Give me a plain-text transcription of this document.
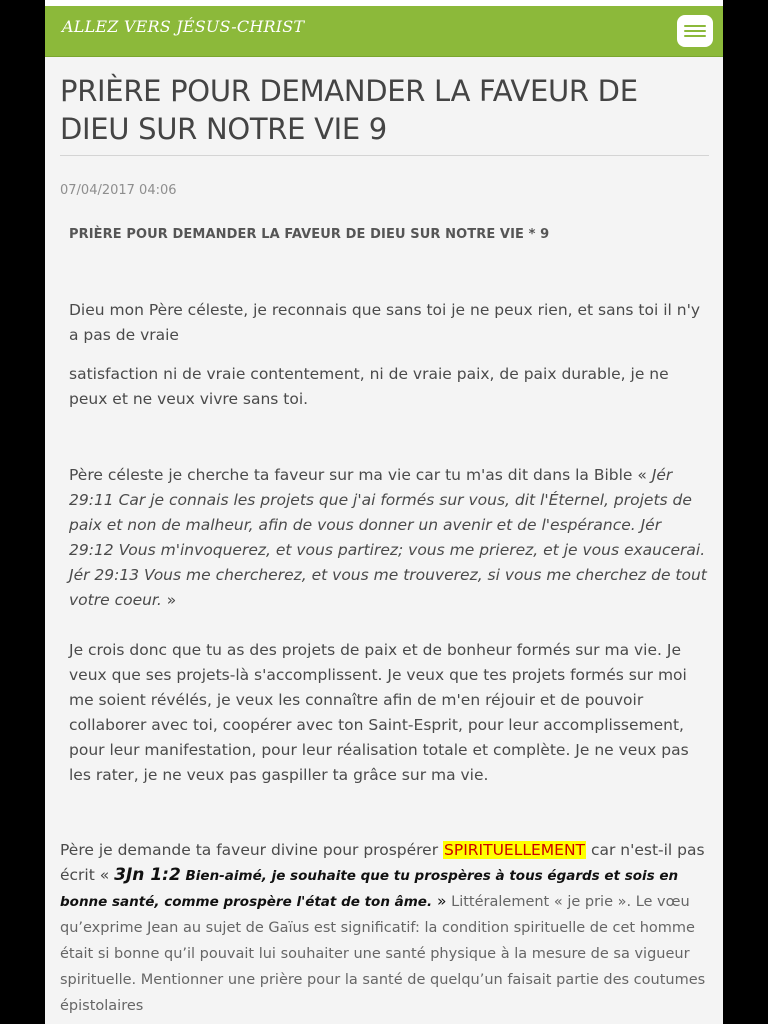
ALLEZ VERS JÉSUS-CHRIST
PRIÈRE POUR DEMANDER LA FAVEUR DE DIEU SUR NOTRE VIE 9
07/04/2017 04:06
PRIÈRE POUR DEMANDER LA FAVEUR DE DIEU SUR NOTRE VIE * 9

Dieu mon Père céleste, je reconnais que sans toi je ne peux rien, et sans toi il n'y a pas de vraie

satisfaction ni de vraie contentement, ni de vraie paix, de paix durable, je ne peux et ne veux vivre sans toi.

Père céleste je cherche ta faveur sur ma vie car tu m'as dit dans la Bible « Jér 29:11 Car je connais les projets que j'ai formés sur vous, dit l'Éternel, projets de paix et non de malheur, afin de vous donner un avenir et de l'espérance. Jér 29:12 Vous m'invoquerez, et vous partirez; vous me prierez, et je vous exaucerai. Jér 29:13 Vous me chercherez, et vous me trouverez, si vous me cherchez de tout votre coeur. »

Je crois donc que tu as des projets de paix et de bonheur formés sur ma vie. Je veux que ses projets-là s'accomplissent. Je veux que tes projets formés sur moi me soient révélés, je veux les connaître afin de m'en réjouir et de pouvoir collaborer avec toi, coopérer avec ton Saint-Esprit, pour leur accomplissement, pour leur manifestation, pour leur réalisation totale et complète. Je ne veux pas les rater, je ne veux pas gaspiller ta grâce sur ma vie.

Père je demande ta faveur divine pour prospérer SPIRITUELLEMENT car n'est-il pas écrit « 3Jn 1:2 Bien-aimé, je souhaite que tu prospères à tous égards et sois en bonne santé, comme prospère l'état de ton âme. » Littéralement « je prie ». Le vœu qu’exprime Jean au sujet de Gaïus est significatif: la condition spirituelle de cet homme était si bonne qu’il pouvait lui souhaiter une santé physique à la mesure de sa vigueur spirituelle. Mentionner une prière pour la santé de quelqu’un faisait partie des coutumes épistolaires
